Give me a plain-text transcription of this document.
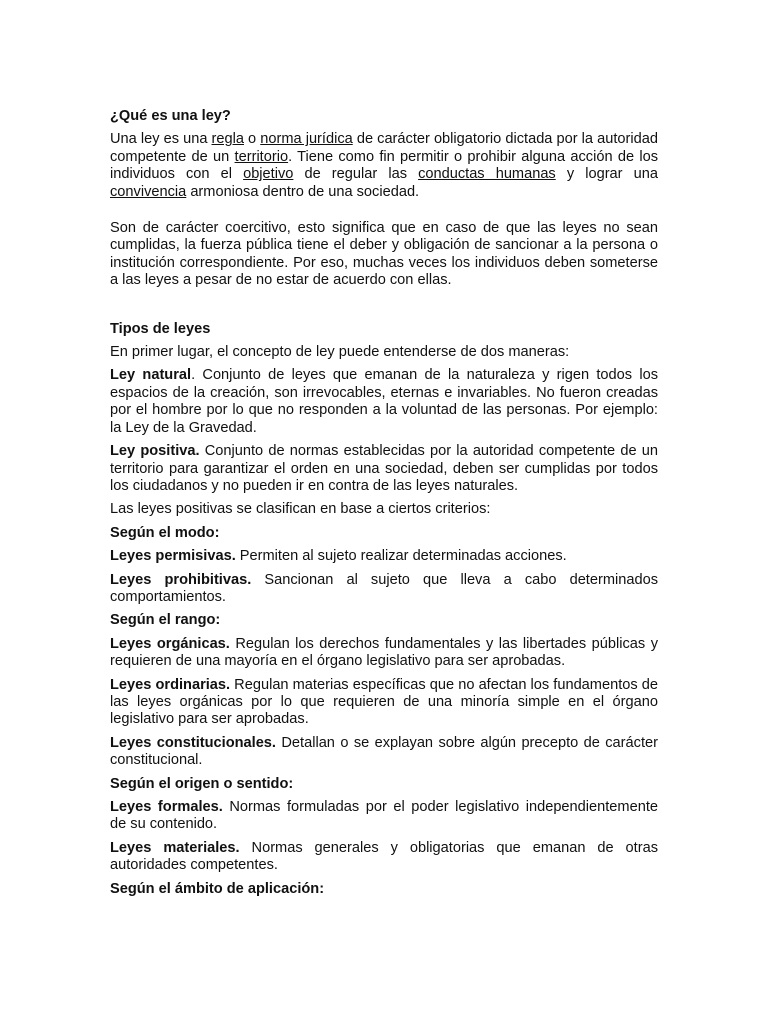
¿Qué es una ley?

Una ley es una regla o norma jurídica de carácter obligatorio dictada por la autoridad competente de un territorio. Tiene como fin permitir o prohibir alguna acción de los individuos con el objetivo de regular las conductas humanas y lograr una convivencia armoniosa dentro de una sociedad.

Son de carácter coercitivo, esto significa que en caso de que las leyes no sean cumplidas, la fuerza pública tiene el deber y obligación de sancionar a la persona o institución correspondiente. Por eso, muchas veces los individuos deben someterse a las leyes a pesar de no estar de acuerdo con ellas.

Tipos de leyes

En primer lugar, el concepto de ley puede entenderse de dos maneras:

Ley natural. Conjunto de leyes que emanan de la naturaleza y rigen todos los espacios de la creación, son irrevocables, eternas e invariables. No fueron creadas por el hombre por lo que no responden a la voluntad de las personas. Por ejemplo: la Ley de la Gravedad.

Ley positiva. Conjunto de normas establecidas por la autoridad competente de un territorio para garantizar el orden en una sociedad, deben ser cumplidas por todos los ciudadanos y no pueden ir en contra de las leyes naturales.

Las leyes positivas se clasifican en base a ciertos criterios:

Según el modo:

Leyes permisivas. Permiten al sujeto realizar determinadas acciones.

Leyes prohibitivas. Sancionan al sujeto que lleva a cabo determinados comportamientos.

Según el rango:

Leyes orgánicas. Regulan los derechos fundamentales y las libertades públicas y requieren de una mayoría en el órgano legislativo para ser aprobadas.

Leyes ordinarias. Regulan materias específicas que no afectan los fundamentos de las leyes orgánicas por lo que requieren de una minoría simple en el órgano legislativo para ser aprobadas.

Leyes constitucionales. Detallan o se explayan sobre algún precepto de carácter constitucional.

Según el origen o sentido:

Leyes formales. Normas formuladas por el poder legislativo independientemente de su contenido.

Leyes materiales. Normas generales y obligatorias que emanan de otras autoridades competentes.

Según el ámbito de aplicación:
